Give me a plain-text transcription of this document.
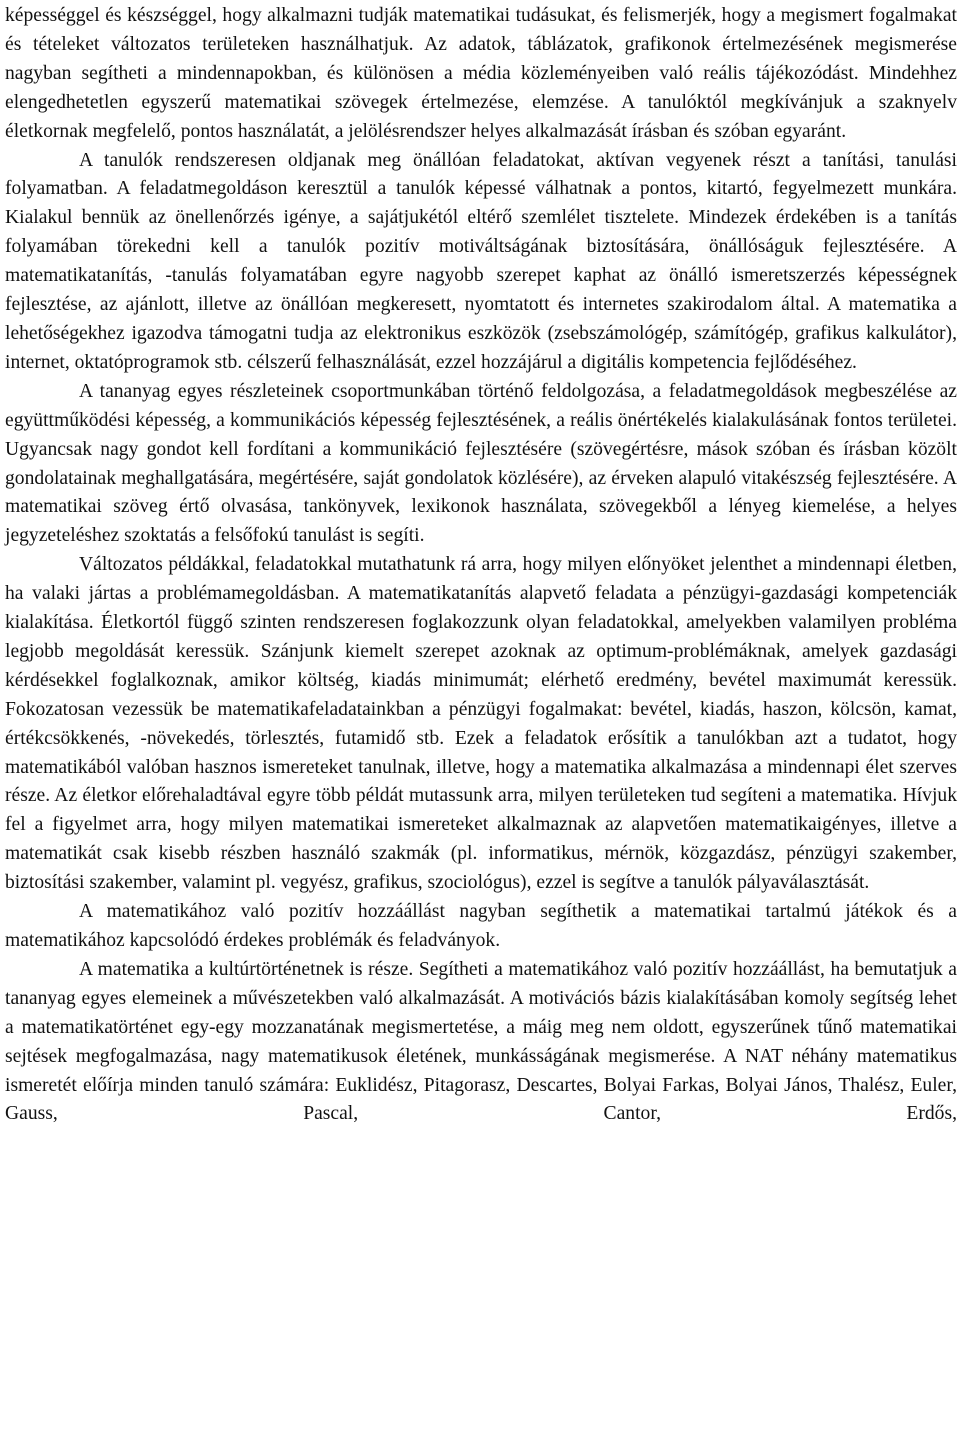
képességgel és készséggel, hogy alkalmazni tudják matematikai tudásukat, és felismerjék, hogy a megismert fogalmakat és tételeket változatos területeken használhatjuk. Az adatok, táblázatok, grafikonok értelmezésének megismerése nagyban segítheti a mindennapokban, és különösen a média közleményeiben való reális tájékozódást. Mindehhez elengedhetetlen egyszerű matematikai szövegek értelmezése, elemzése. A tanulóktól megkívánjuk a szaknyelv életkornak megfelelő, pontos használatát, a jelölésrendszer helyes alkalmazását írásban és szóban egyaránt.

A tanulók rendszeresen oldjanak meg önállóan feladatokat, aktívan vegyenek részt a tanítási, tanulási folyamatban. A feladatmegoldáson keresztül a tanulók képessé válhatnak a pontos, kitartó, fegyelmezett munkára. Kialakul bennük az önellenőrzés igénye, a sajátjukétól eltérő szemlélet tisztelete. Mindezek érdekében is a tanítás folyamában törekedni kell a tanulók pozitív motiváltságának biztosítására, önállóságuk fejlesztésére. A matematikatanítás, -tanulás folyamatában egyre nagyobb szerepet kaphat az önálló ismeretszerzés képességnek fejlesztése, az ajánlott, illetve az önállóan megkeresett, nyomtatott és internetes szakirodalom által. A matematika a lehetőségekhez igazodva támogatni tudja az elektronikus eszközök (zsebszámológép, számítógép, grafikus kalkulátor), internet, oktatóprogramok stb. célszerű felhasználását, ezzel hozzájárul a digitális kompetencia fejlődéséhez.

A tananyag egyes részleteinek csoportmunkában történő feldolgozása, a feladatmegoldások megbeszélése az együttműködési képesség, a kommunikációs képesség fejlesztésének, a reális önértékelés kialakulásának fontos területei. Ugyancsak nagy gondot kell fordítani a kommunikáció fejlesztésére (szövegértésre, mások szóban és írásban közölt gondolatainak meghallgatására, megértésére, saját gondolatok közlésére), az érveken alapuló vitakészség fejlesztésére. A matematikai szöveg értő olvasása, tankönyvek, lexikonok használata, szövegekből a lényeg kiemelése, a helyes jegyzeteléshez szoktatás a felsőfokú tanulást is segíti.

Változatos példákkal, feladatokkal mutathatunk rá arra, hogy milyen előnyöket jelenthet a mindennapi életben, ha valaki jártas a problémamegoldásban. A matematikatanítás alapvető feladata a pénzügyi-gazdasági kompetenciák kialakítása. Életkortól függő szinten rendszeresen foglakozzunk olyan feladatokkal, amelyekben valamilyen probléma legjobb megoldását keressük. Szánjunk kiemelt szerepet azoknak az optimum-problémáknak, amelyek gazdasági kérdésekkel foglalkoznak, amikor költség, kiadás minimumát; elérhető eredmény, bevétel maximumát keressük. Fokozatosan vezessük be matematikafeladatainkban a pénzügyi fogalmakat: bevétel, kiadás, haszon, kölcsön, kamat, értékcsökkenés, -növekedés, törlesztés, futamidő stb. Ezek a feladatok erősítik a tanulókban azt a tudatot, hogy matematikából valóban hasznos ismereteket tanulnak, illetve, hogy a matematika alkalmazása a mindennapi élet szerves része. Az életkor előrehaladtával egyre több példát mutassunk arra, milyen területeken tud segíteni a matematika. Hívjuk fel a figyelmet arra, hogy milyen matematikai ismereteket alkalmaznak az alapvetően matematikaigényes, illetve a matematikát csak kisebb részben használó szakmák (pl. informatikus, mérnök, közgazdász, pénzügyi szakember, biztosítási szakember, valamint pl. vegyész, grafikus, szociológus), ezzel is segítve a tanulók pályaválasztását.

A matematikához való pozitív hozzáállást nagyban segíthetik a matematikai tartalmú játékok és a matematikához kapcsolódó érdekes problémák és feladványok.

A matematika a kultúrtörténetnek is része. Segítheti a matematikához való pozitív hozzáállást, ha bemutatjuk a tananyag egyes elemeinek a művészetekben való alkalmazását. A motivációs bázis kialakításában komoly segítség lehet a matematikatörténet egy-egy mozzanatának megismertetése, a máig meg nem oldott, egyszerűnek tűnő matematikai sejtések megfogalmazása, nagy matematikusok életének, munkásságának megismerése. A NAT néhány matematikus ismeretét előírja minden tanuló számára: Euklidész, Pitagorasz, Descartes, Bolyai Farkas, Bolyai János, Thalész, Euler, Gauss, Pascal, Cantor, Erdős,
